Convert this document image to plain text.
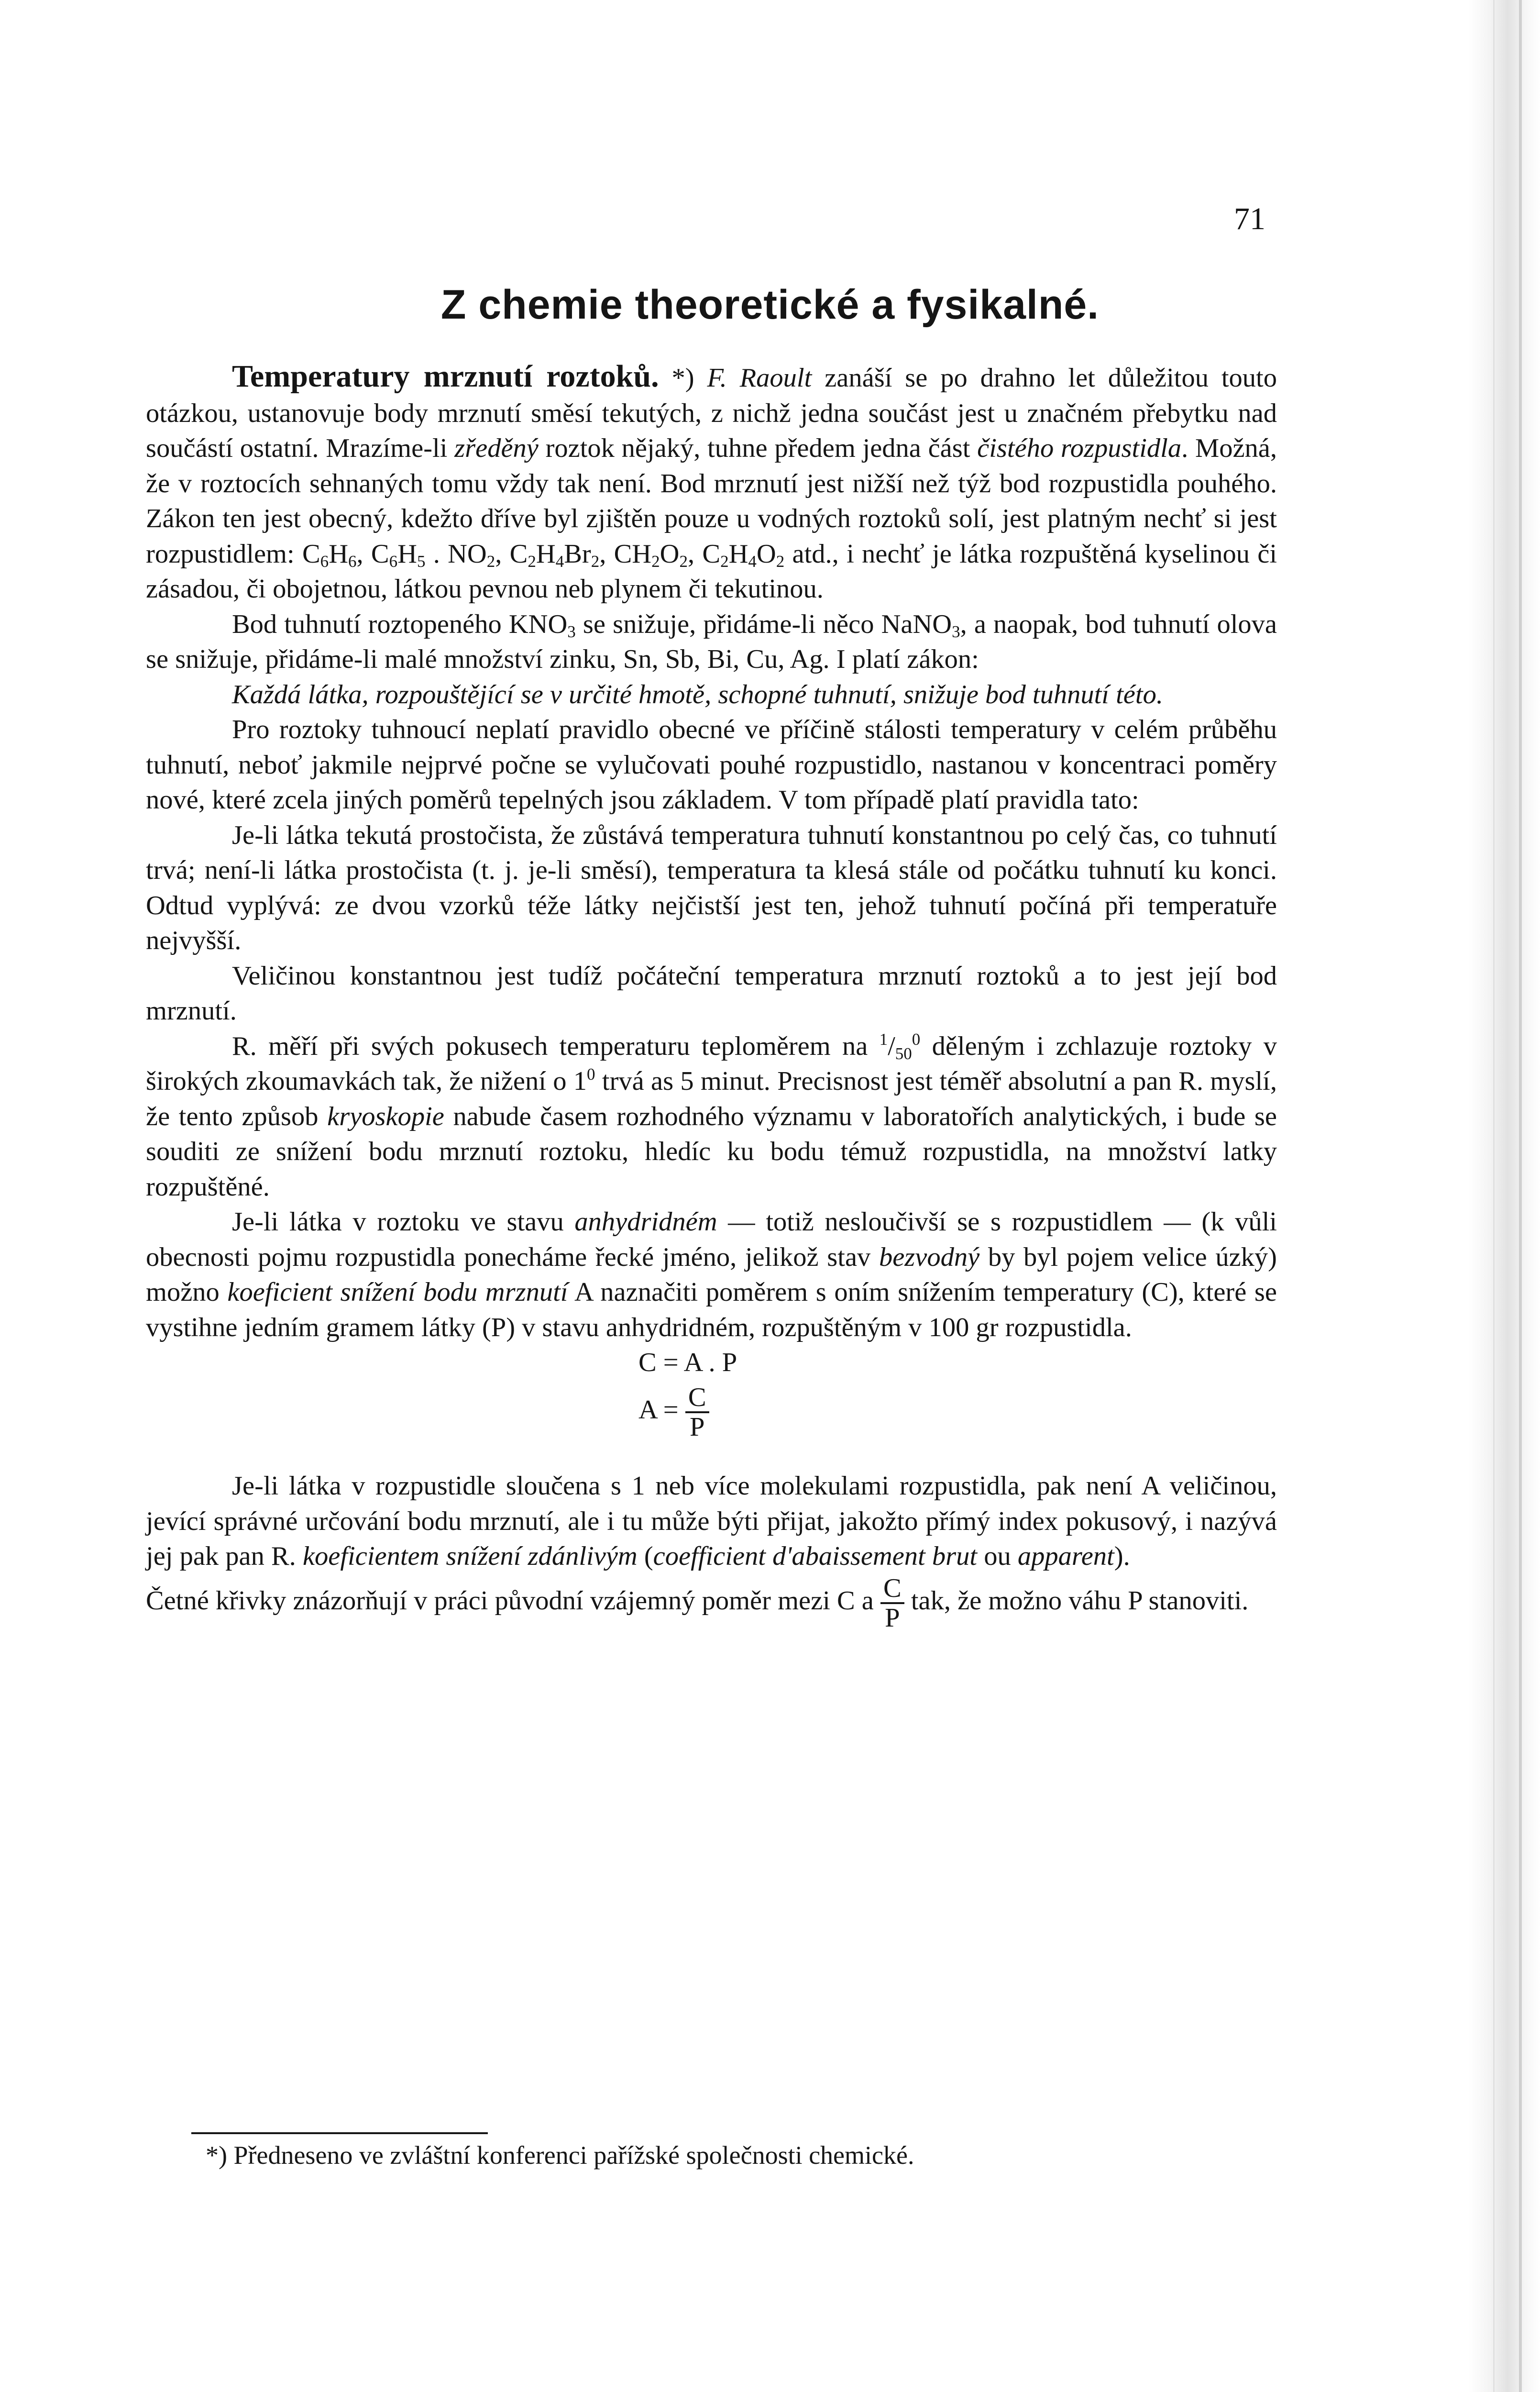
71
Z chemie theoretické a fysikalné.

Temperatury mrznutí roztoků. *) F. Raoult zanáší se po drahno let důležitou touto otázkou, ustanovuje body mrznutí směsí tekutých, z nichž jedna součást jest u značném přebytku nad součástí ostatní. Mrazíme-li zředěný roztok nějaký, tuhne předem jedna část čistého rozpustidla. Možná, že v roztocích sehnaných tomu vždy tak není. Bod mrznutí jest nižší než týž bod rozpustidla pouhého. Zákon ten jest obecný, kdežto dříve byl zjištěn pouze u vodných roztoků solí, jest platným nechť si jest rozpustidlem: $C_6H_6$, $C_6H_5$ . $NO_2$, $C_2H_4Br_2$, $CH_2O_2$, $C_2H_4O_2$ atd., i nechť je látka rozpuštěná kyselinou či zásadou, či obojetnou, látkou pevnou neb plynem či tekutinou.

Bod tuhnutí roztopeného $KNO_3$ se snižuje, přidáme-li něco NaNO$_3$, a naopak, bod tuhnutí olova se snižuje, přidáme-li malé množství zinku, Sn, Sb, Bi, Cu, Ag. I platí zákon:

Každá látka, rozpouštějící se v určité hmotě, schopné tuhnutí, snižuje bod tuhnutí této.

Pro roztoky tuhnoucí neplatí pravidlo obecné ve příčině stálosti temperatury v celém průběhu tuhnutí, neboť jakmile nejprvé počne se vylučovati pouhé rozpustidlo, nastanou v koncentraci poměry nové, které zcela jiných poměrů tepelných jsou základem. V tom případě platí pravidla tato:

Je-li látka tekutá prostočista, že zůstává temperatura tuhnutí konstantnou po celý čas, co tuhnutí trvá; není-li látka prostočista (t. j. je-li směsí), temperatura ta klesá stále od počátku tuhnutí ku konci. Odtud vyplývá: ze dvou vzorků téže látky nejčistší jest ten, jehož tuhnutí počíná při temperatuře nejvyšší.

Veličinou konstantnou jest tudíž počáteční temperatura mrznutí roztoků a to jest její bod mrznutí.

R. měří při svých pokusech temperaturu teploměrem na $^1/_{50}^0$ děleným i zchlazuje roztoky v širokých zkoumavkách tak, že nižení o $1^0$ trvá as 5 minut. Precisnost jest téměř absolutní a pan R. myslí, že tento způsob kryoskopie nabude časem rozhodného významu v laboratořích analytických, i bude se souditi ze snížení bodu mrznutí roztoku, hledíc ku bodu témuž rozpustidla, na množství latky rozpuštěné.

Je-li látka v roztoku ve stavu anhydridném — totiž nesloučivší se s rozpustidlem — (k vůli obecnosti pojmu rozpustidla ponecháme řecké jméno, jelikož stav bezvodný by byl pojem velice úzký) možno koeficient snížení bodu mrznutí A naznačiti poměrem s oním snížením temperatury (C), které se vystihne jedním gramem látky (P) v stavu anhydridném, rozpuštěným v 100 gr rozpustidla.

C = A . P
$A = \frac{C}{P}$

Je-li látka v rozpustidle sloučena s 1 neb více molekulami rozpustidla, pak není A veličinou, jevící správné určování bodu mrznutí, ale i tu může býti přijat, jakožto přímý index pokusový, i nazývá jej pak pan R. koeficientem snížení zdánlivým (coefficient d'abaissement brut ou apparent).

Četné křivky znázorňují v práci původní vzájemný poměr mezi C a $\frac{C}{P}$ tak, že možno váhu P stanoviti.

*) Předneseno ve zvláštní konferenci pařížské společnosti chemické.
